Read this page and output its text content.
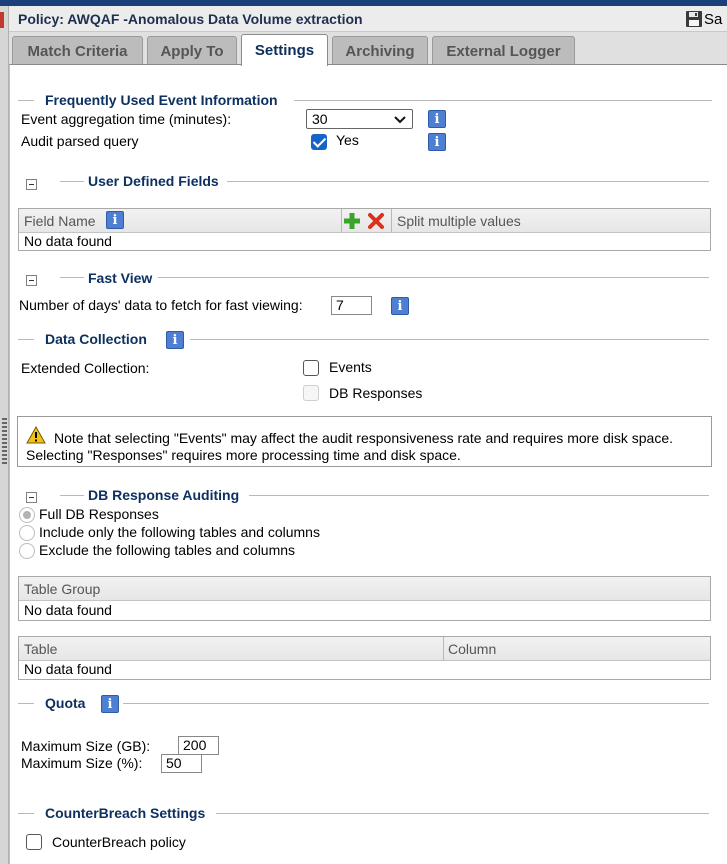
Policy: AWQAF -Anomalous Data Volume extraction	Sa
Match Criteria	Apply To	Settings	Archiving	External Logger
Frequently Used Event Information
Event aggregation time (minutes):	30	i
Audit parsed query	Yes	i
User Defined Fields
Field Name	i	Split multiple values
No data found
Fast View
Number of days' data to fetch for fast viewing:	7	i
Data Collection	i
Extended Collection:	Events
DB Responses
Note that selecting "Events" may affect the audit responsiveness rate and requires more disk space. Selecting "Responses" requires more processing time and disk space.
DB Response Auditing
Full DB Responses
Include only the following tables and columns
Exclude the following tables and columns
Table Group
No data found
Table	Column
No data found
Quota	i
Maximum Size (GB):	200
Maximum Size (%):	50
CounterBreach Settings
CounterBreach policy
